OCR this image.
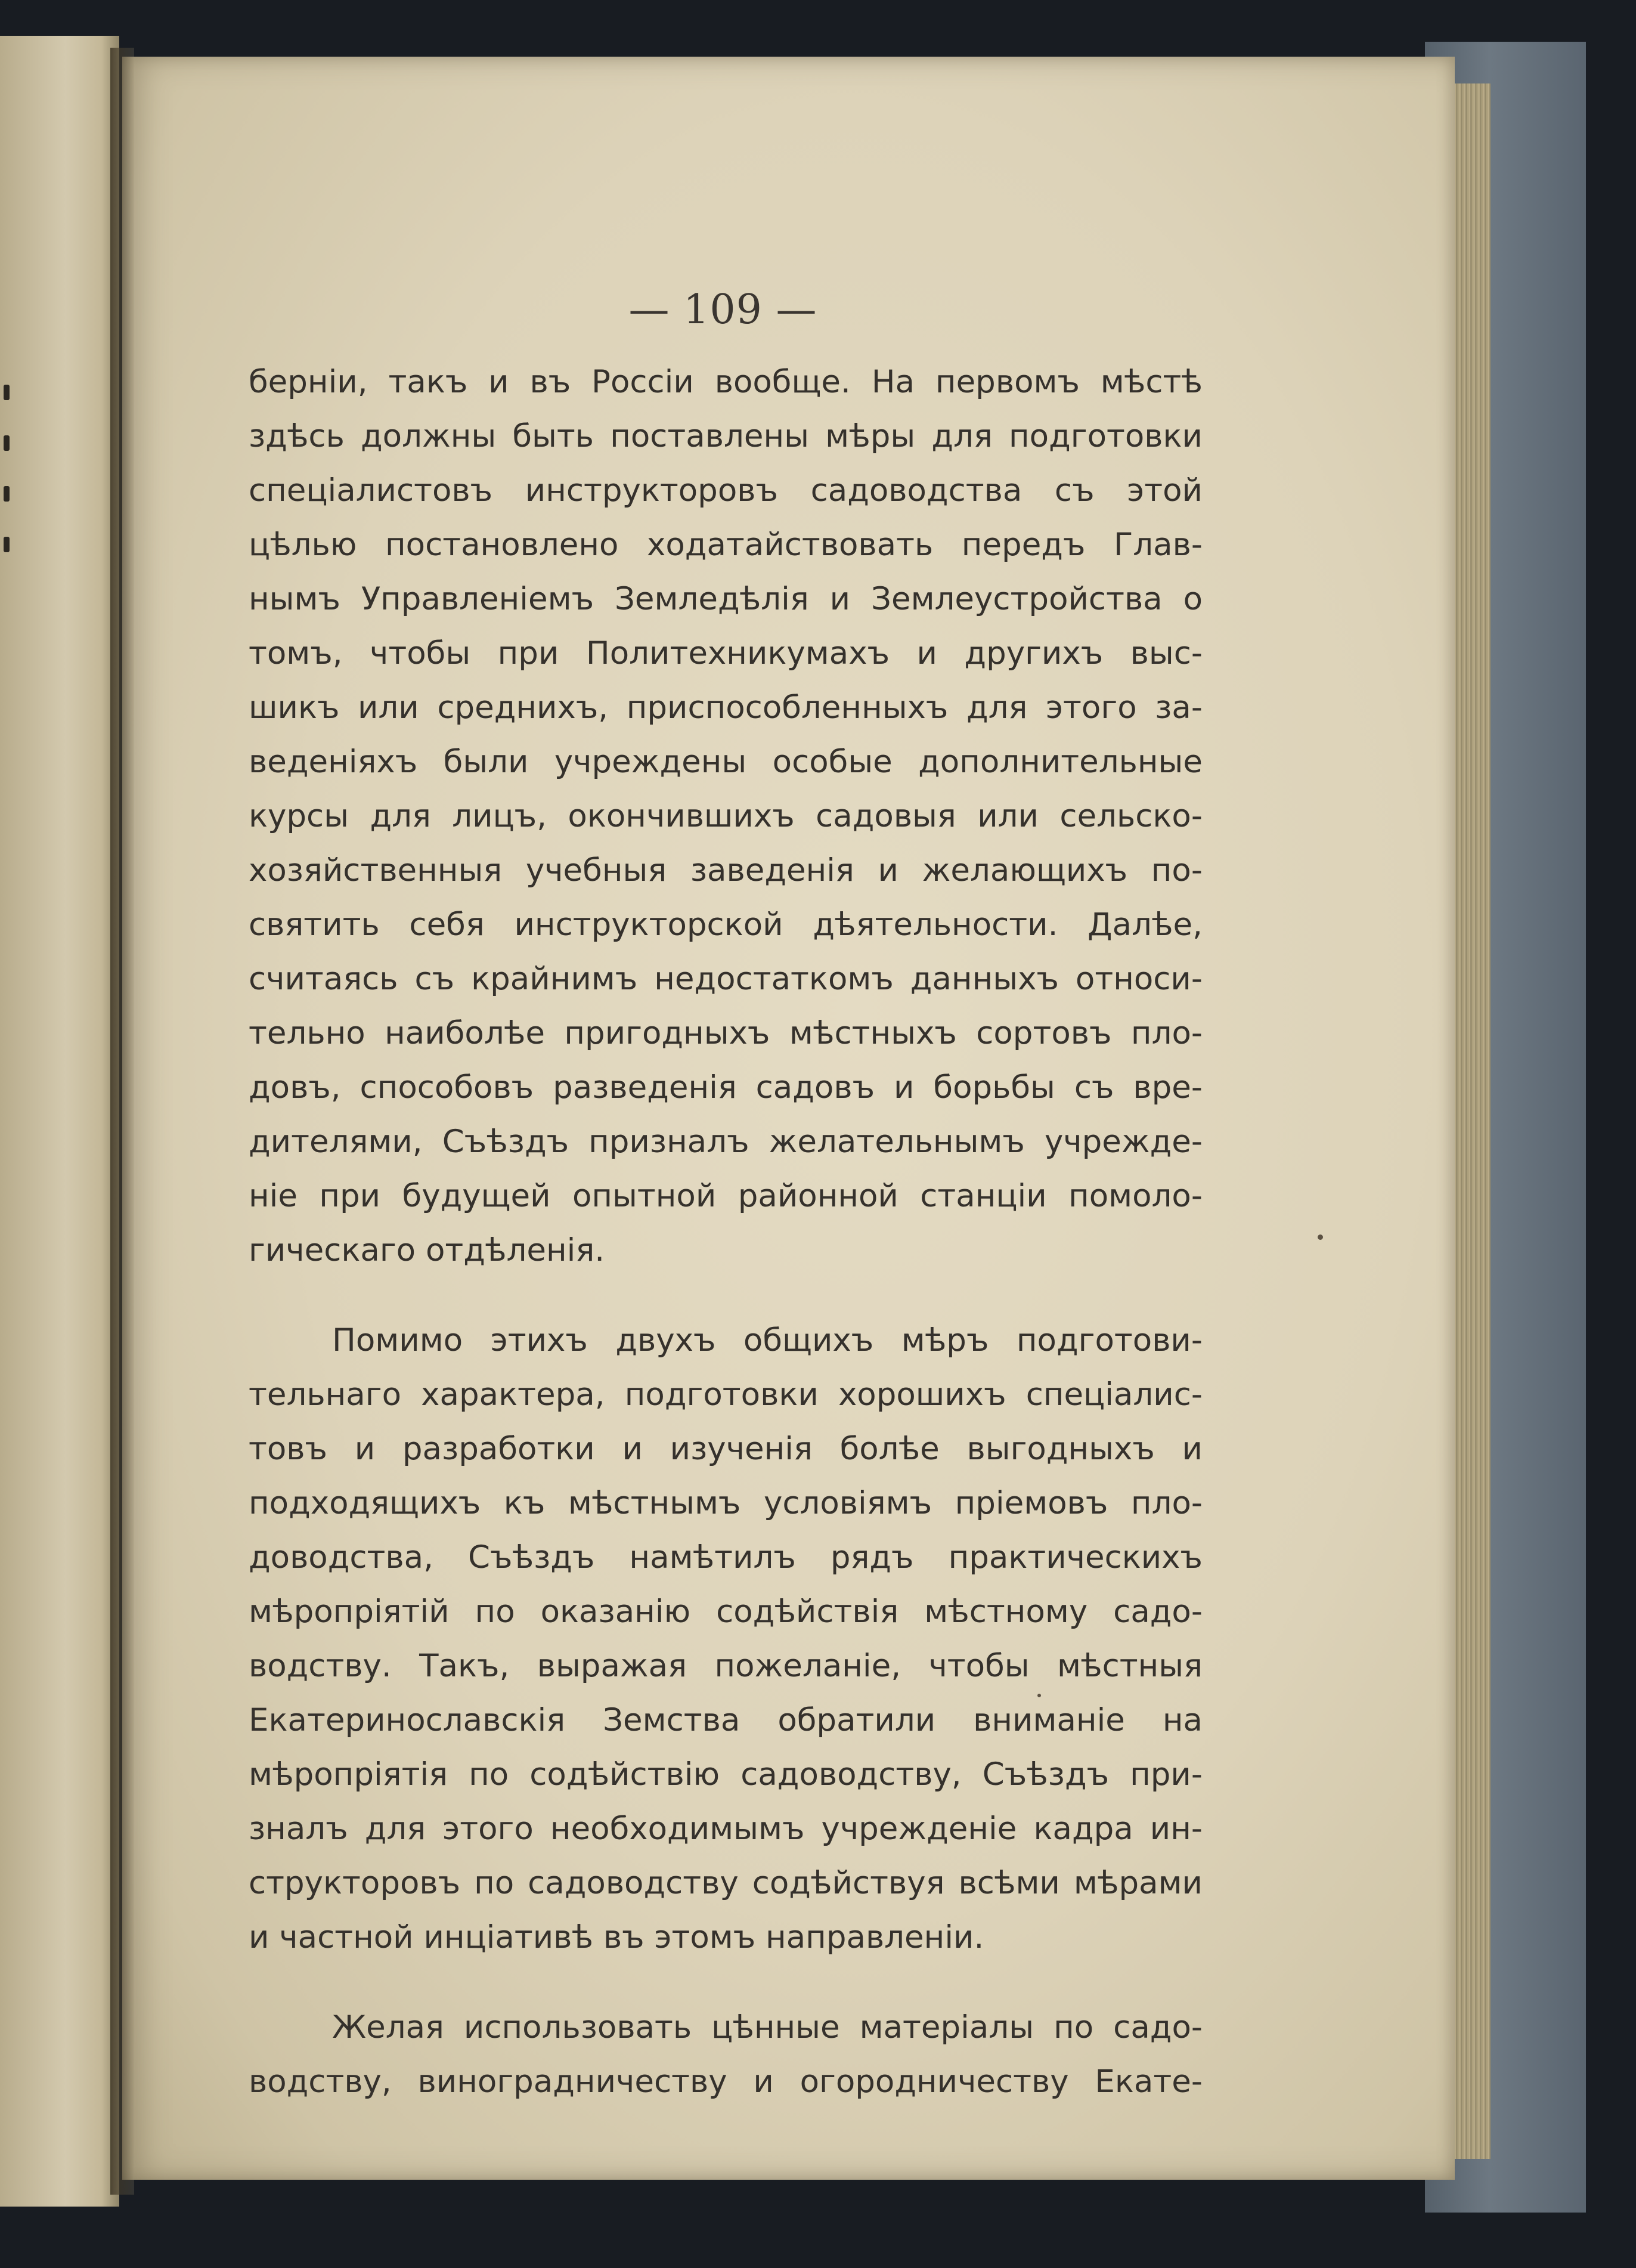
— 109 —
берніи, такъ и въ Россіи вообще. На первомъ мѣстѣ
здѣсь должны быть поставлены мѣры для подготовки
спеціалистовъ инструкторовъ садоводства съ этой
цѣлью постановлено ходатайствовать передъ Глав-
нымъ Управленіемъ Земледѣлія и Землеустройства о
томъ, чтобы при Политехникумахъ и другихъ выс-
шикъ или среднихъ, приспособленныхъ для этого за-
веденіяхъ были учреждены особые дополнительные
курсы для лицъ, окончившихъ садовыя или сельско-
хозяйственныя учебныя заведенія и желающихъ по-
святить себя инструкторской дѣятельности. Далѣе,
считаясь съ крайнимъ недостаткомъ данныхъ относи-
тельно наиболѣе пригодныхъ мѣстныхъ сортовъ пло-
довъ, способовъ разведенія садовъ и борьбы съ вре-
дителями, Съѣздъ призналъ желательнымъ учрежде-
ніе при будущей опытной районной станціи помоло-
гическаго отдѣленія.
Помимо этихъ двухъ общихъ мѣръ подготови-
тельнаго характера, подготовки хорошихъ спеціалис-
товъ и разработки и изученія болѣе выгодныхъ и
подходящихъ къ мѣстнымъ условіямъ пріемовъ пло-
доводства, Съѣздъ намѣтилъ рядъ практическихъ
мѣропріятій по оказанію содѣйствія мѣстному садо-
водству. Такъ, выражая пожеланіе, чтобы мѣстныя
Екатеринославскія Земства обратили вниманіе на
мѣропріятія по содѣйствію садоводству, Съѣздъ при-
зналъ для этого необходимымъ учрежденіе кадра ин-
структоровъ по садоводству содѣйствуя всѣми мѣрами
и частной инціативѣ въ этомъ направленіи.
Желая использовать цѣнные матеріалы по садо-
водству, виноградничеству и огородничеству Екате-
